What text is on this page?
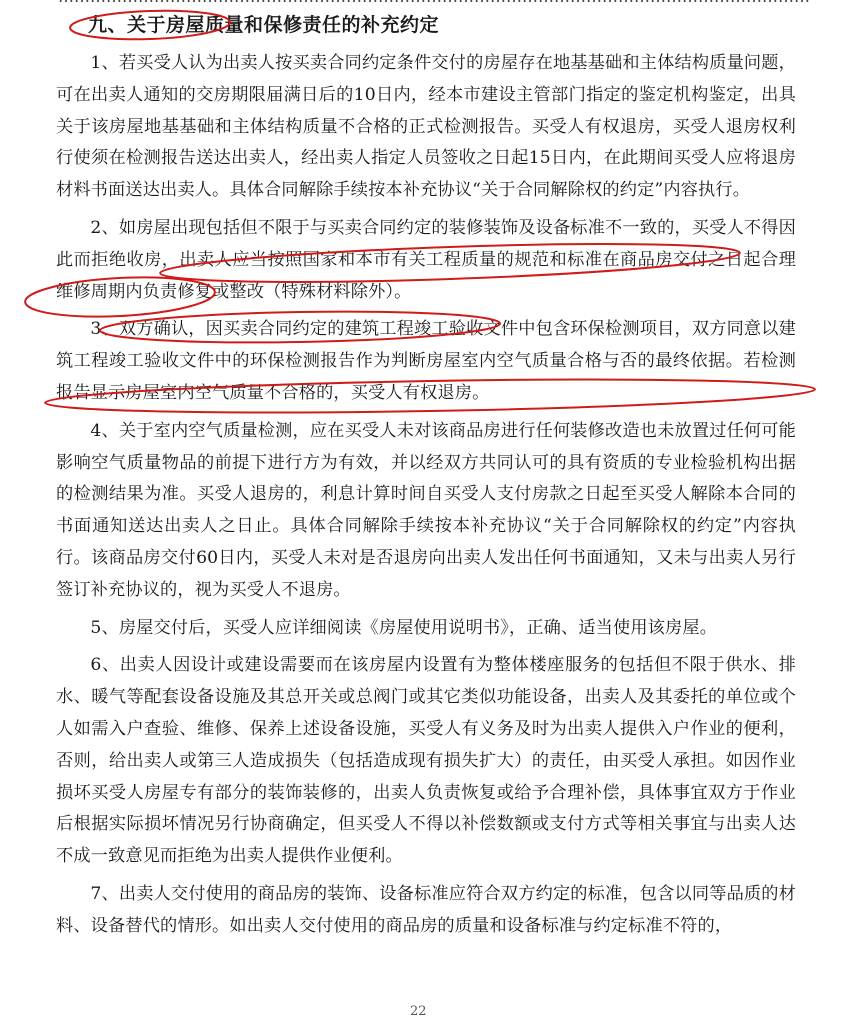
九、关于房屋质量和保修责任的补充约定

1、若买受人认为出卖人按买卖合同约定条件交付的房屋存在地基基础和主体结构质量问题，可在出卖人通知的交房期限届满日后的10日内，经本市建设主管部门指定的鉴定机构鉴定，出具关于该房屋地基基础和主体结构质量不合格的正式检测报告。买受人有权退房，买受人退房权利行使须在检测报告送达出卖人，经出卖人指定人员签收之日起15日内，在此期间买受人应将退房材料书面送达出卖人。具体合同解除手续按本补充协议“关于合同解除权的约定”内容执行。

2、如房屋出现包括但不限于与买卖合同约定的装修装饰及设备标准不一致的，买受人不得因此而拒绝收房，出卖人应当按照国家和本市有关工程质量的规范和标准在商品房交付之日起合理维修周期内负责修复或整改（特殊材料除外）。

3、双方确认，因买卖合同约定的建筑工程竣工验收文件中包含环保检测项目，双方同意以建筑工程竣工验收文件中的环保检测报告作为判断房屋室内空气质量合格与否的最终依据。若检测报告显示房屋室内空气质量不合格的，买受人有权退房。

4、关于室内空气质量检测，应在买受人未对该商品房进行任何装修改造也未放置过任何可能影响空气质量物品的前提下进行方为有效，并以经双方共同认可的具有资质的专业检验机构出据的检测结果为准。买受人退房的，利息计算时间自买受人支付房款之日起至买受人解除本合同的书面通知送达出卖人之日止。具体合同解除手续按本补充协议“关于合同解除权的约定”内容执行。该商品房交付60日内，买受人未对是否退房向出卖人发出任何书面通知，又未与出卖人另行签订补充协议的，视为买受人不退房。

5、房屋交付后，买受人应详细阅读《房屋使用说明书》，正确、适当使用该房屋。

6、出卖人因设计或建设需要而在该房屋内设置有为整体楼座服务的包括但不限于供水、排水、暖气等配套设备设施及其总开关或总阀门或其它类似功能设备，出卖人及其委托的单位或个人如需入户查验、维修、保养上述设备设施，买受人有义务及时为出卖人提供入户作业的便利，否则，给出卖人或第三人造成损失（包括造成现有损失扩大）的责任，由买受人承担。如因作业损坏买受人房屋专有部分的装饰装修的，出卖人负责恢复或给予合理补偿，具体事宜双方于作业后根据实际损坏情况另行协商确定，但买受人不得以补偿数额或支付方式等相关事宜与出卖人达不成一致意见而拒绝为出卖人提供作业便利。

7、出卖人交付使用的商品房的装饰、设备标准应符合双方约定的标准，包含以同等品质的材料、设备替代的情形。如出卖人交付使用的商品房的质量和设备标准与约定标准不符的，

22
